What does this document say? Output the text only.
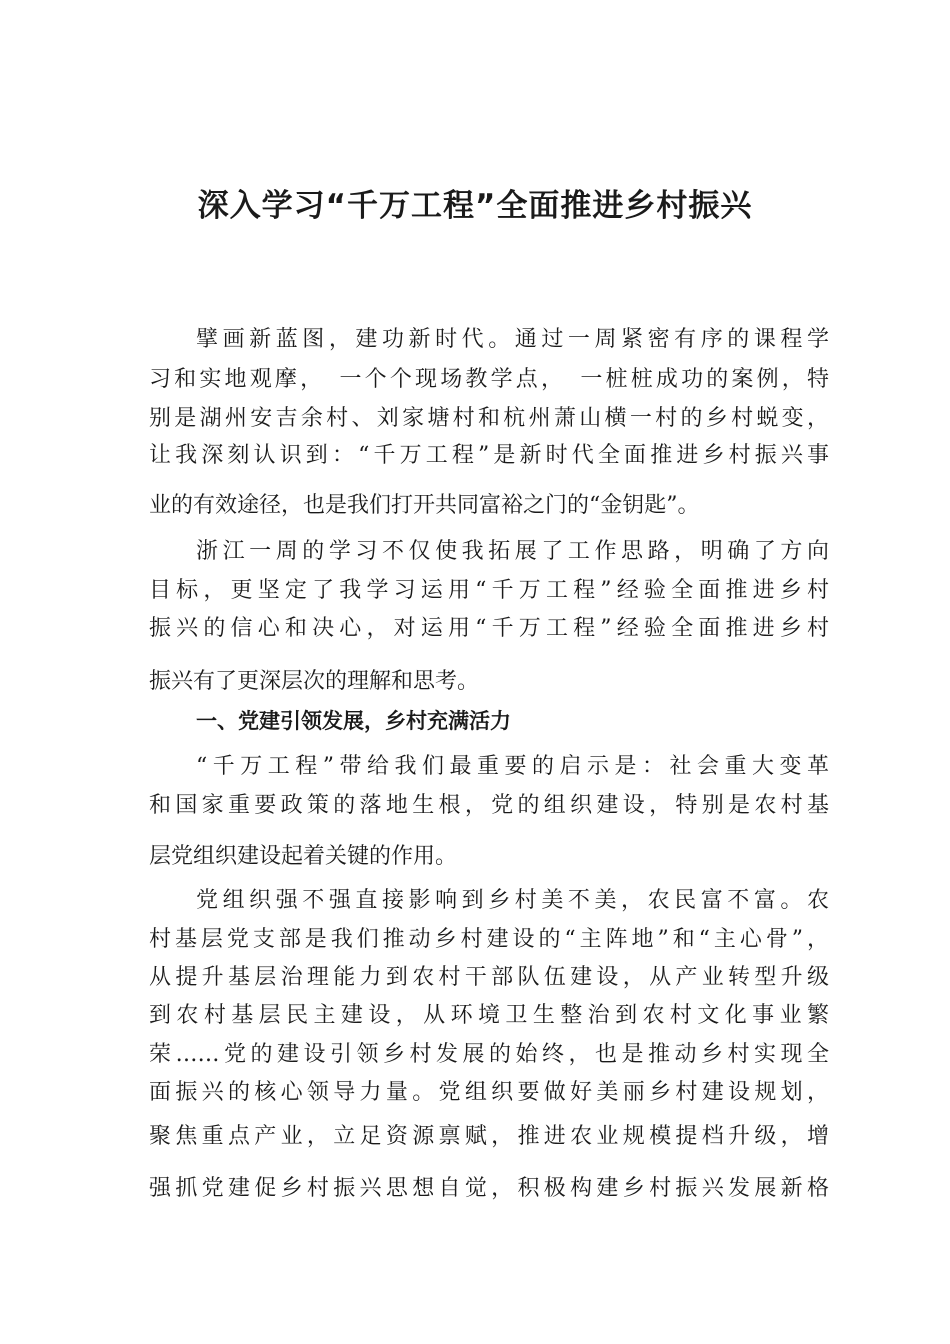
深入学习“千万工程”全面推进乡村振兴
擘画新蓝图，建功新时代。通过一周紧密有序的课程学
习和实地观摩，　一个个现场教学点，　一桩桩成功的案例，特
别是湖州安吉余村、刘家塘村和杭州萧山横一村的乡村蜕变，
让我深刻认识到：“千万工程”是新时代全面推进乡村振兴事
业的有效途径，也是我们打开共同富裕之门的“金钥匙”。
浙江一周的学习不仅使我拓展了工作思路，明确了方向
目标，更坚定了我学习运用“千万工程”经验全面推进乡村
振兴的信心和决心，对运用“千万工程”经验全面推进乡村
振兴有了更深层次的理解和思考。
一、党建引领发展，乡村充满活力
“千万工程”带给我们最重要的启示是：社会重大变革
和国家重要政策的落地生根，党的组织建设，特别是农村基
层党组织建设起着关键的作用。
党组织强不强直接影响到乡村美不美，农民富不富。农
村基层党支部是我们推动乡村建设的“主阵地”和“主心骨”，
从提升基层治理能力到农村干部队伍建设，从产业转型升级
到农村基层民主建设，从环境卫生整治到农村文化事业繁
荣……党的建设引领乡村发展的始终，也是推动乡村实现全
面振兴的核心领导力量。党组织要做好美丽乡村建设规划，
聚焦重点产业，立足资源禀赋，推进农业规模提档升级，增
强抓党建促乡村振兴思想自觉，积极构建乡村振兴发展新格
